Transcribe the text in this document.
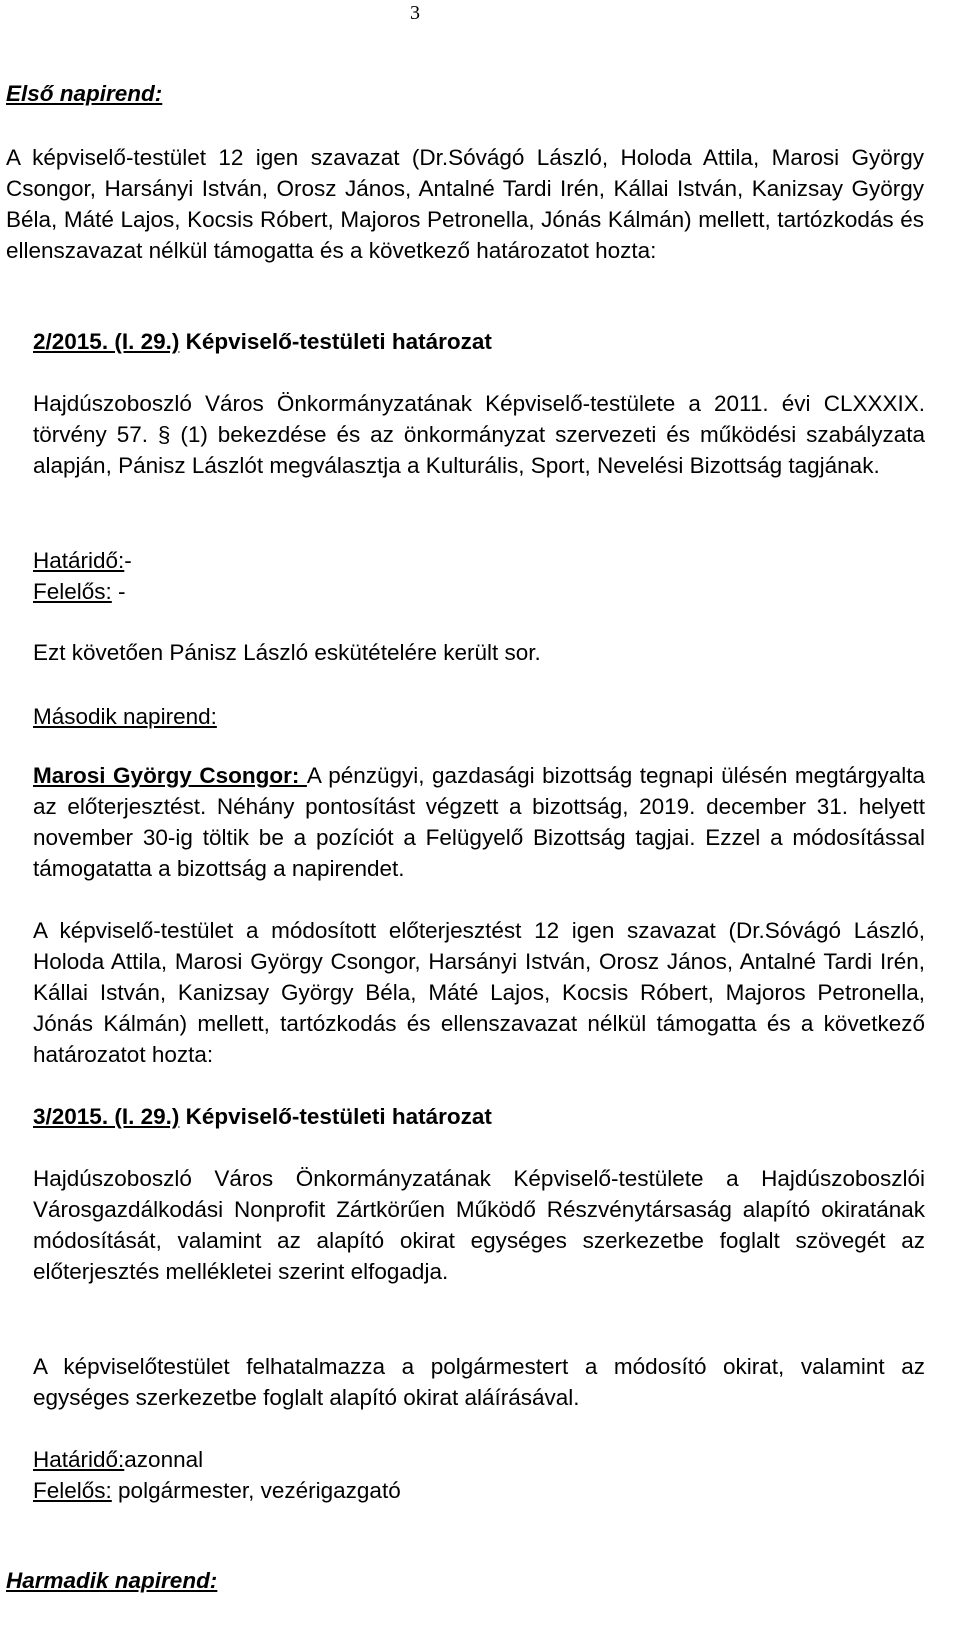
3
Első napirend:

A képviselő-testület 12 igen szavazat (Dr.Sóvágó László, Holoda Attila, Marosi György Csongor, Harsányi István, Orosz János, Antalné Tardi Irén, Kállai István, Kanizsay György Béla, Máté Lajos, Kocsis Róbert, Majoros Petronella, Jónás Kálmán) mellett, tartózkodás és ellenszavazat nélkül támogatta és a következő határozatot hozta:

2/2015. (I. 29.) Képviselő-testületi határozat

Hajdúszoboszló Város Önkormányzatának Képviselő-testülete a 2011. évi CLXXXIX. törvény 57. § (1) bekezdése és az önkormányzat szervezeti és működési szabályzata alapján, Pánisz Lászlót megválasztja a Kulturális, Sport, Nevelési Bizottság tagjának.

Határidő:-
Felelős: -
Ezt követően Pánisz László eskütételére került sor.
Második napirend:

Marosi György Csongor: A pénzügyi, gazdasági bizottság tegnapi ülésén megtárgyalta az előterjesztést. Néhány pontosítást végzett a bizottság, 2019. december 31. helyett november 30-ig töltik be a pozíciót a Felügyelő Bizottság tagjai. Ezzel a módosítással támogatatta a bizottság a napirendet.

A képviselő-testület a módosított előterjesztést 12 igen szavazat (Dr.Sóvágó László, Holoda Attila, Marosi György Csongor, Harsányi István, Orosz János, Antalné Tardi Irén, Kállai István, Kanizsay György Béla, Máté Lajos, Kocsis Róbert, Majoros Petronella, Jónás Kálmán) mellett, tartózkodás és ellenszavazat nélkül támogatta és a következő határozatot hozta:

3/2015. (I. 29.) Képviselő-testületi határozat

Hajdúszoboszló Város Önkormányzatának Képviselő-testülete a Hajdúszoboszlói Városgazdálkodási Nonprofit Zártkörűen Működő Részvénytársaság alapító okiratának módosítását, valamint az alapító okirat egységes szerkezetbe foglalt szövegét az előterjesztés mellékletei szerint elfogadja.

A képviselőtestület felhatalmazza a polgármestert a módosító okirat, valamint az egységes szerkezetbe foglalt alapító okirat aláírásával.

Határidő:azonnal
Felelős: polgármester, vezérigazgató
Harmadik napirend:
